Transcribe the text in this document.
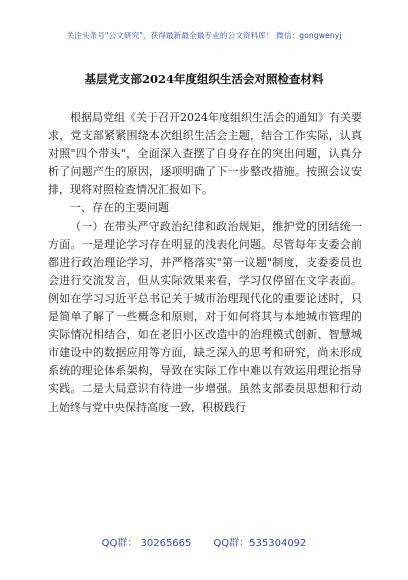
关注头条号"公文研究"，获得最新最全最专业的公文资料库！ 微信：gongwenyj
基层党支部2024年度组织生活会对照检查材料

根据局党组《关于召开2024年度组织生活会的通知》有关要求，党支部紧紧围绕本次组织生活会主题，结合工作实际，认真对照"四个带头"，全面深入查摆了自身存在的突出问题，认真分析了问题产生的原因，逐项明确了下一步整改措施。按照会议安排，现将对照检查情况汇报如下。

一、存在的主要问题

（一）在带头严守政治纪律和政治规矩，维护党的团结统一方面。一是理论学习存在明显的浅表化问题。尽管每年支委会前都进行政治理论学习，并严格落实"第一议题"制度，支委委员也会进行交流发言，但从实际效果来看，学习仅停留在文字表面。例如在学习习近平总书记关于城市治理现代化的重要论述时，只是简单了解了一些概念和原则，对于如何将其与本地城市管理的实际情况相结合，如在老旧小区改造中的治理模式创新、智慧城市建设中的数据应用等方面，缺乏深入的思考和研究，尚未形成系统的理论体系架构，导致在实际工作中难以有效运用理论指导实践。二是大局意识有待进一步增强。虽然支部委员思想和行动上始终与党中央保持高度一致，积极践行

QQ群： 30265665 QQ群：535304092
